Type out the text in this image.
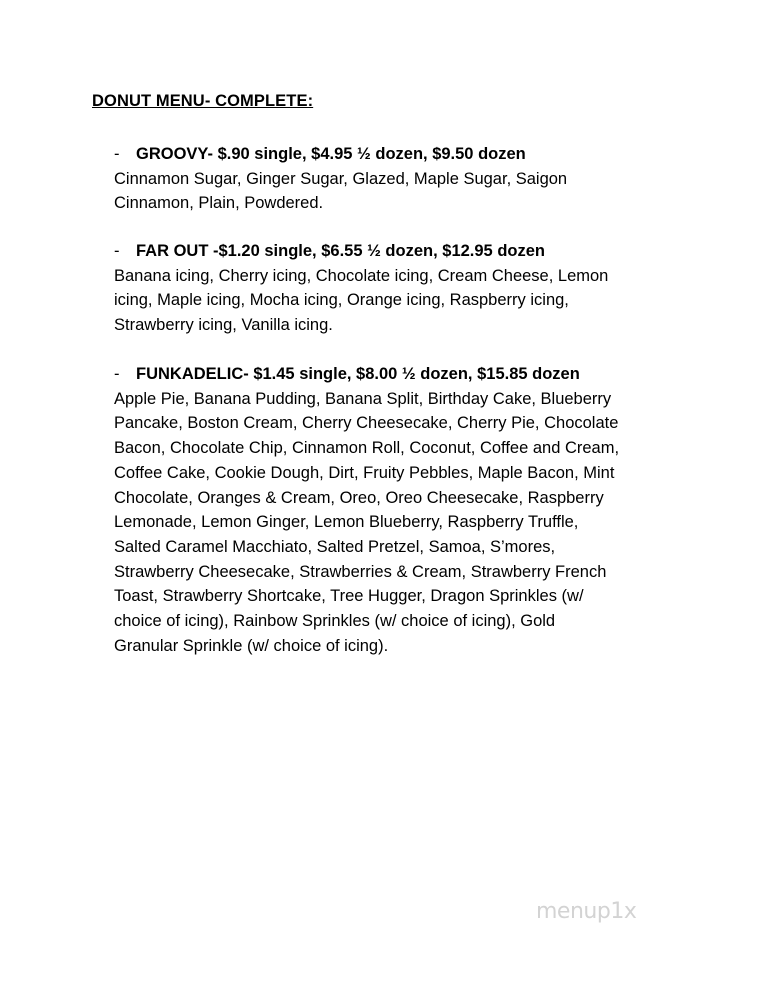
DONUT MENU- COMPLETE:
-	GROOVY- $.90 single, $4.95 ½ dozen, $9.50 dozen
Cinnamon Sugar, Ginger Sugar, Glazed, Maple Sugar, Saigon
Cinnamon, Plain, Powdered.
-	FAR OUT -$1.20 single, $6.55 ½ dozen, $12.95 dozen
Banana icing, Cherry icing, Chocolate icing, Cream Cheese, Lemon
icing, Maple icing, Mocha icing, Orange icing, Raspberry icing,
Strawberry icing, Vanilla icing.
-	FUNKADELIC- $1.45 single, $8.00 ½ dozen, $15.85 dozen
Apple Pie, Banana Pudding, Banana Split, Birthday Cake, Blueberry
Pancake, Boston Cream, Cherry Cheesecake, Cherry Pie, Chocolate
Bacon, Chocolate Chip, Cinnamon Roll, Coconut, Coffee and Cream,
Coffee Cake, Cookie Dough, Dirt, Fruity Pebbles, Maple Bacon, Mint
Chocolate, Oranges & Cream, Oreo, Oreo Cheesecake, Raspberry
Lemonade, Lemon Ginger, Lemon Blueberry, Raspberry Truffle,
Salted Caramel Macchiato, Salted Pretzel, Samoa, S’mores,
Strawberry Cheesecake, Strawberries & Cream, Strawberry French
Toast, Strawberry Shortcake, Tree Hugger, Dragon Sprinkles (w/
choice of icing), Rainbow Sprinkles (w/ choice of icing), Gold
Granular Sprinkle (w/ choice of icing).
menup1x
